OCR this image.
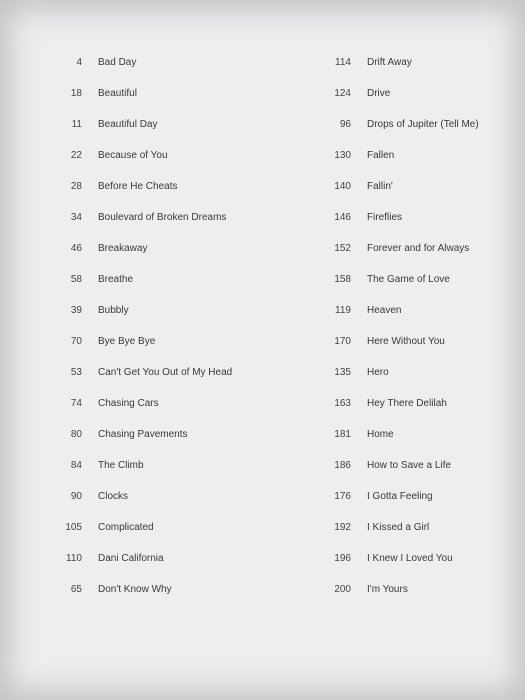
4 Bad Day
18 Beautiful
11 Beautiful Day
22 Because of You
28 Before He Cheats
34 Boulevard of Broken Dreams
46 Breakaway
58 Breathe
39 Bubbly
70 Bye Bye Bye
53 Can't Get You Out of My Head
74 Chasing Cars
80 Chasing Pavements
84 The Climb
90 Clocks
105 Complicated
110 Dani California
65 Don't Know Why
114 Drift Away
124 Drive
96 Drops of Jupiter (Tell Me)
130 Fallen
140 Fallin'
146 Fireflies
152 Forever and for Always
158 The Game of Love
119 Heaven
170 Here Without You
135 Hero
163 Hey There Delilah
181 Home
186 How to Save a Life
176 I Gotta Feeling
192 I Kissed a Girl
196 I Knew I Loved You
200 I'm Yours
